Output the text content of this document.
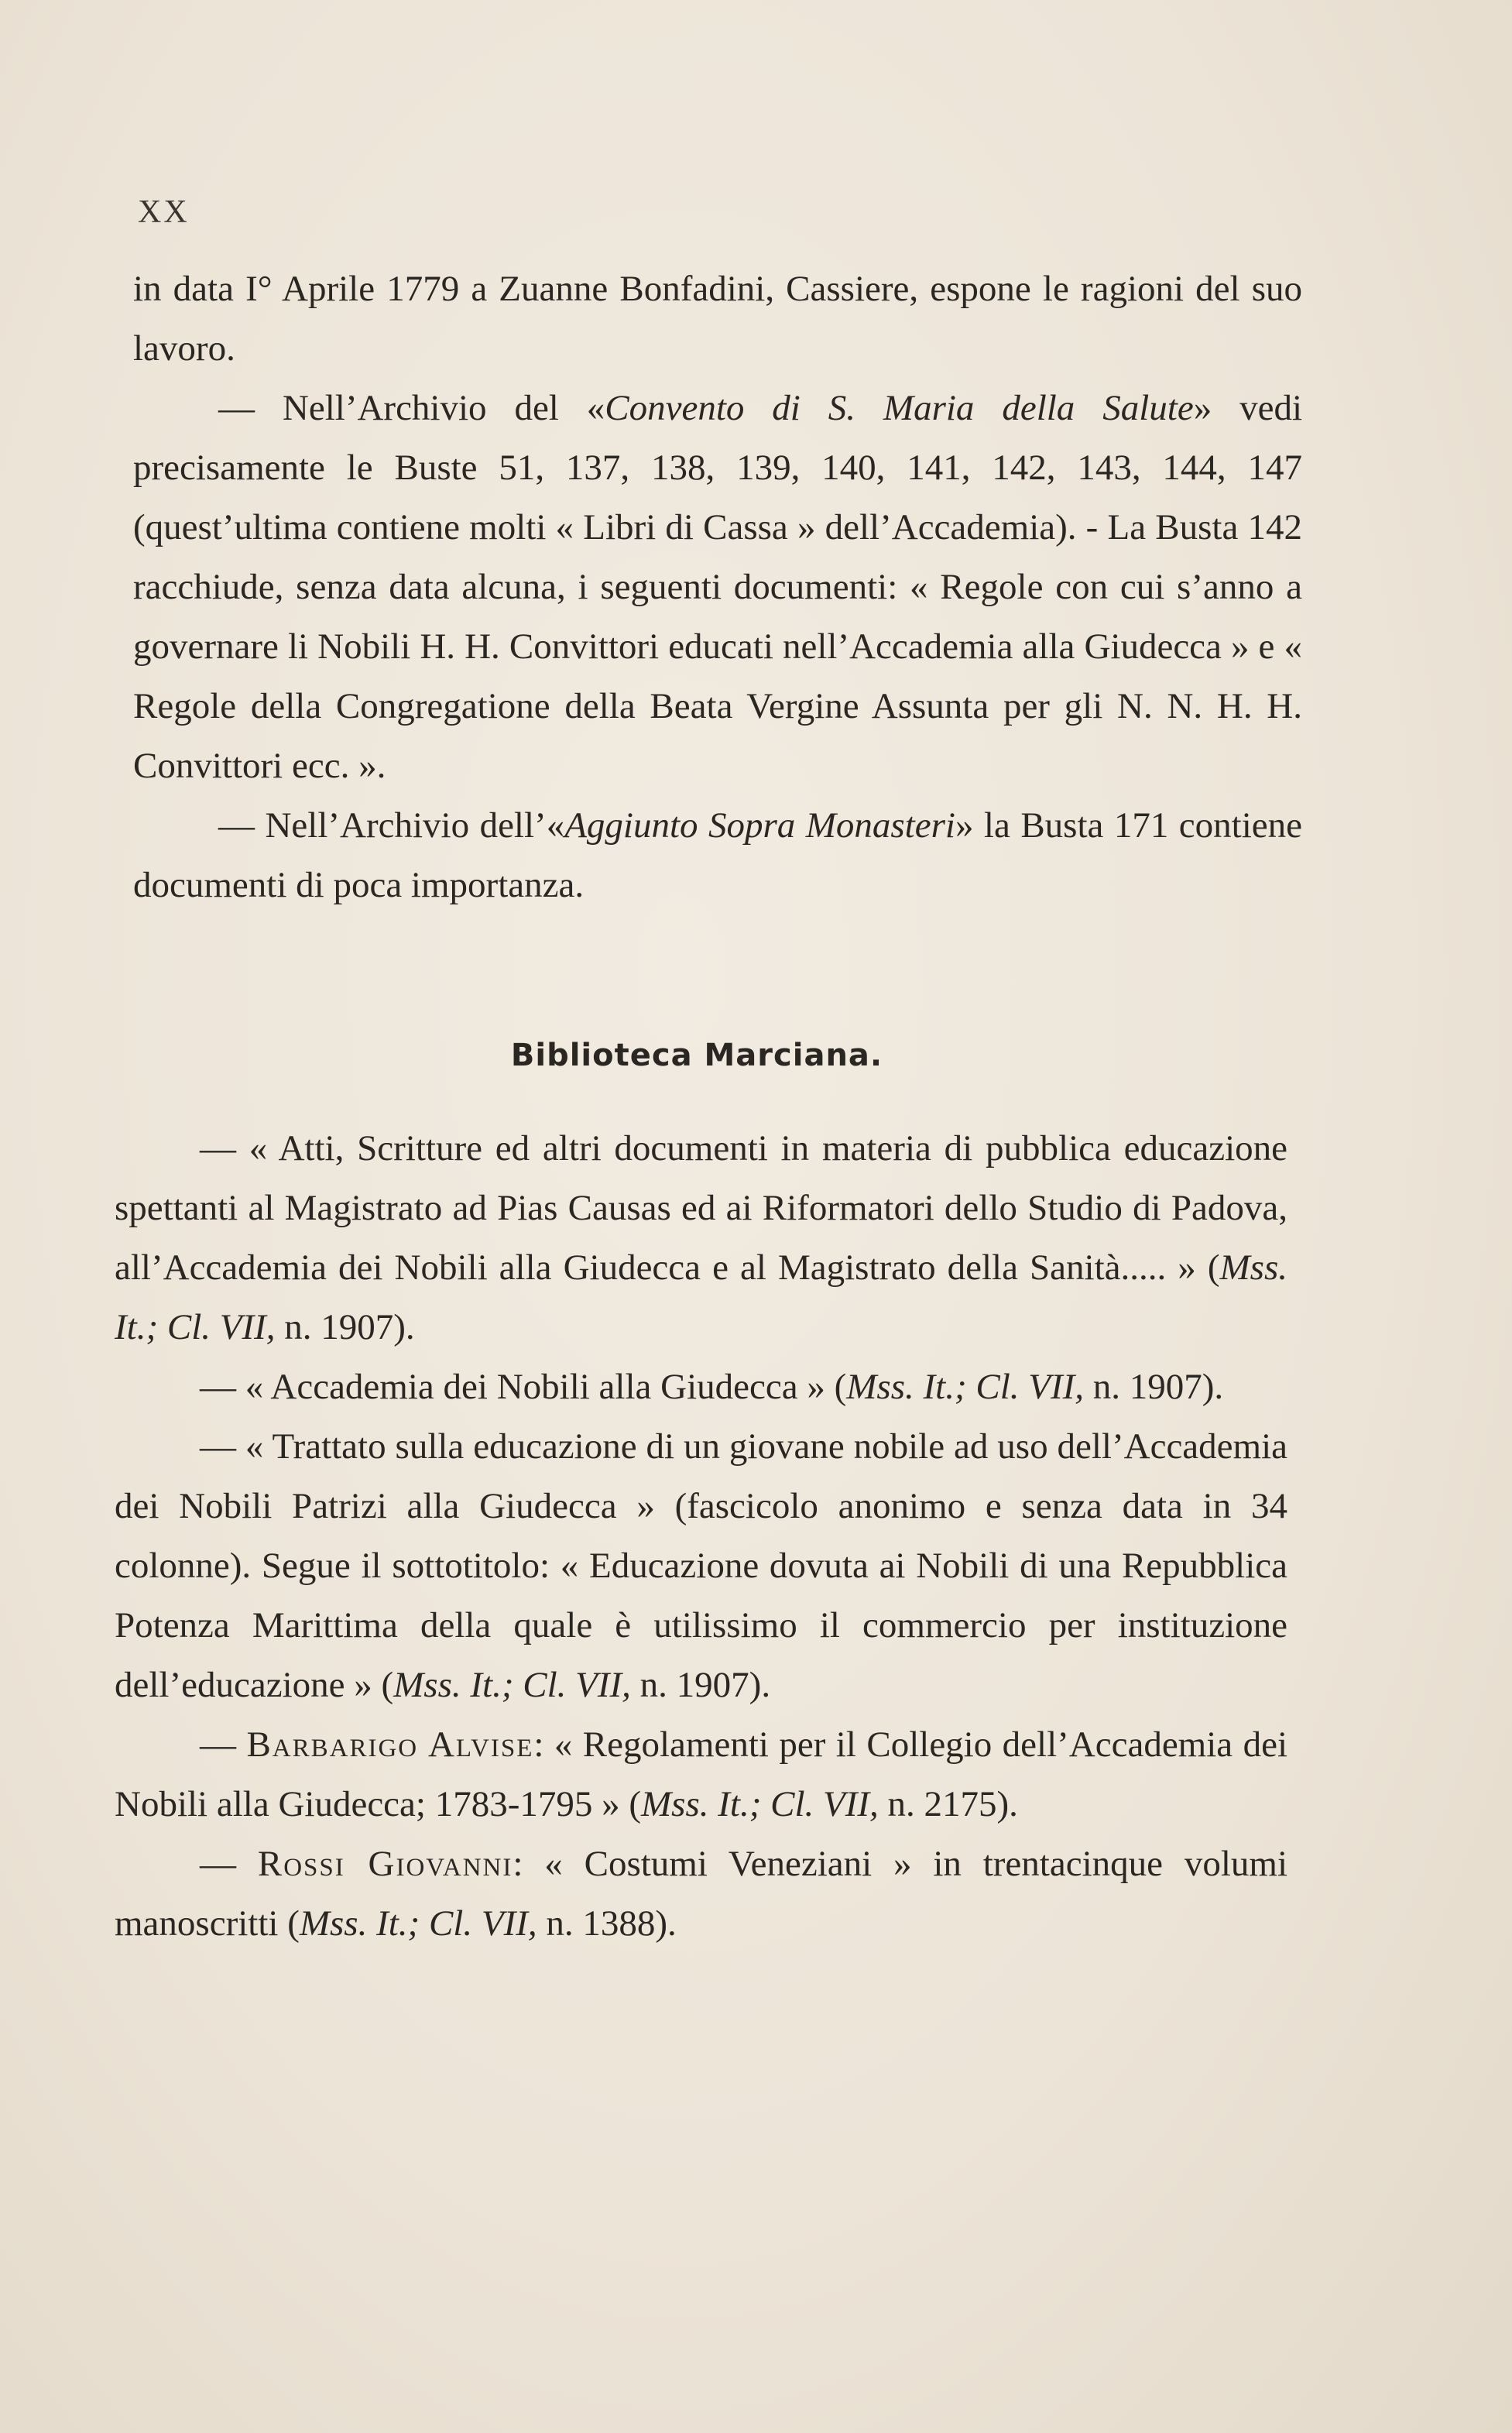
XX

in data I° Aprile 1779 a Zuanne Bonfadini, Cassiere, espone le ragioni del suo lavoro.

— Nell’Archivio del «Convento di S. Maria della Salute» vedi precisamente le Buste 51, 137, 138, 139, 140, 141, 142, 143, 144, 147 (quest’ultima contiene molti « Libri di Cassa » dell’Accademia). - La Busta 142 racchiude, senza data alcuna, i seguenti documenti: « Regole con cui s’anno a governare li Nobili H. H. Convittori educati nell’Accademia alla Giudecca » e « Regole della Congregatione della Beata Vergine Assunta per gli N. N. H. H. Convittori ecc. ».

— Nell’Archivio dell’«Aggiunto Sopra Monasteri» la Busta 171 contiene documenti di poca importanza.

Biblioteca Marciana.

— « Atti, Scritture ed altri documenti in materia di pubblica educazione spettanti al Magistrato ad Pias Causas ed ai Riformatori dello Studio di Padova, all’Accademia dei Nobili alla Giudecca e al Magistrato della Sanità..... » (Mss. It.; Cl. VII, n. 1907).

— « Accademia dei Nobili alla Giudecca » (Mss. It.; Cl. VII, n. 1907).

— « Trattato sulla educazione di un giovane nobile ad uso dell’Accademia dei Nobili Patrizi alla Giudecca » (fascicolo anonimo e senza data in 34 colonne). Segue il sottotitolo: « Educazione dovuta ai Nobili di una Repubblica Potenza Marittima della quale è utilissimo il commercio per instituzione dell’educazione » (Mss. It.; Cl. VII, n. 1907).

— Barbarigo Alvise: « Regolamenti per il Collegio dell’Accademia dei Nobili alla Giudecca; 1783-1795 » (Mss. It.; Cl. VII, n. 2175).

— Rossi Giovanni: « Costumi Veneziani » in trentacinque volumi manoscritti (Mss. It.; Cl. VII, n. 1388).
